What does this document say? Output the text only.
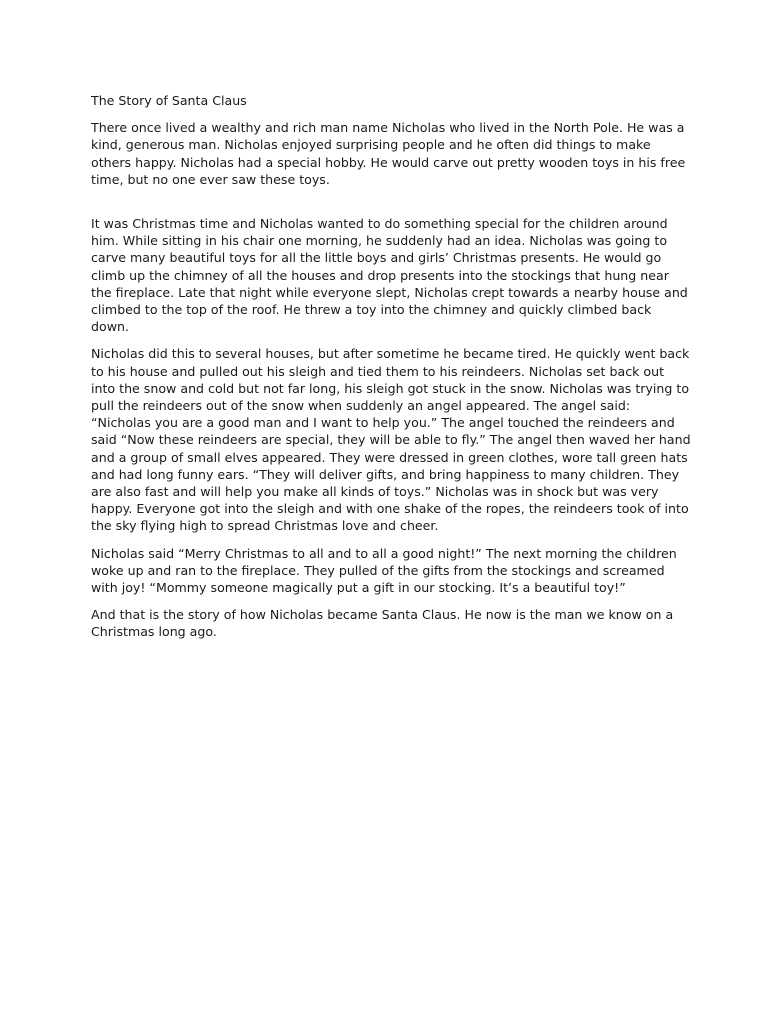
The Story of Santa Claus

There once lived a wealthy and rich man name Nicholas who lived in the North Pole. He was a kind, generous man. Nicholas enjoyed surprising people and he often did things to make others happy. Nicholas had a special hobby. He would carve out pretty wooden toys in his free time, but no one ever saw these toys.

It was Christmas time and Nicholas wanted to do something special for the children around him. While sitting in his chair one morning, he suddenly had an idea. Nicholas was going to carve many beautiful toys for all the little boys and girls’ Christmas presents. He would go climb up the chimney of all the houses and drop presents into the stockings that hung near the fireplace. Late that night while everyone slept, Nicholas crept towards a nearby house and climbed to the top of the roof. He threw a toy into the chimney and quickly climbed back down.

Nicholas did this to several houses, but after sometime he became tired. He quickly went back to his house and pulled out his sleigh and tied them to his reindeers. Nicholas set back out into the snow and cold but not far long, his sleigh got stuck in the snow. Nicholas was trying to pull the reindeers out of the snow when suddenly an angel appeared. The angel said: “Nicholas you are a good man and I want to help you.” The angel touched the reindeers and said “Now these reindeers are special, they will be able to fly.” The angel then waved her hand and a group of small elves appeared. They were dressed in green clothes, wore tall green hats and had long funny ears. “They will deliver gifts, and bring happiness to many children. They are also fast and will help you make all kinds of toys.” Nicholas was in shock but was very happy. Everyone got into the sleigh and with one shake of the ropes, the reindeers took of into the sky flying high to spread Christmas love and cheer.

Nicholas said “Merry Christmas to all and to all a good night!” The next morning the children woke up and ran to the fireplace. They pulled of the gifts from the stockings and screamed with joy! “Mommy someone magically put a gift in our stocking. It’s a beautiful toy!”

And that is the story of how Nicholas became Santa Claus. He now is the man we know on a Christmas long ago.
